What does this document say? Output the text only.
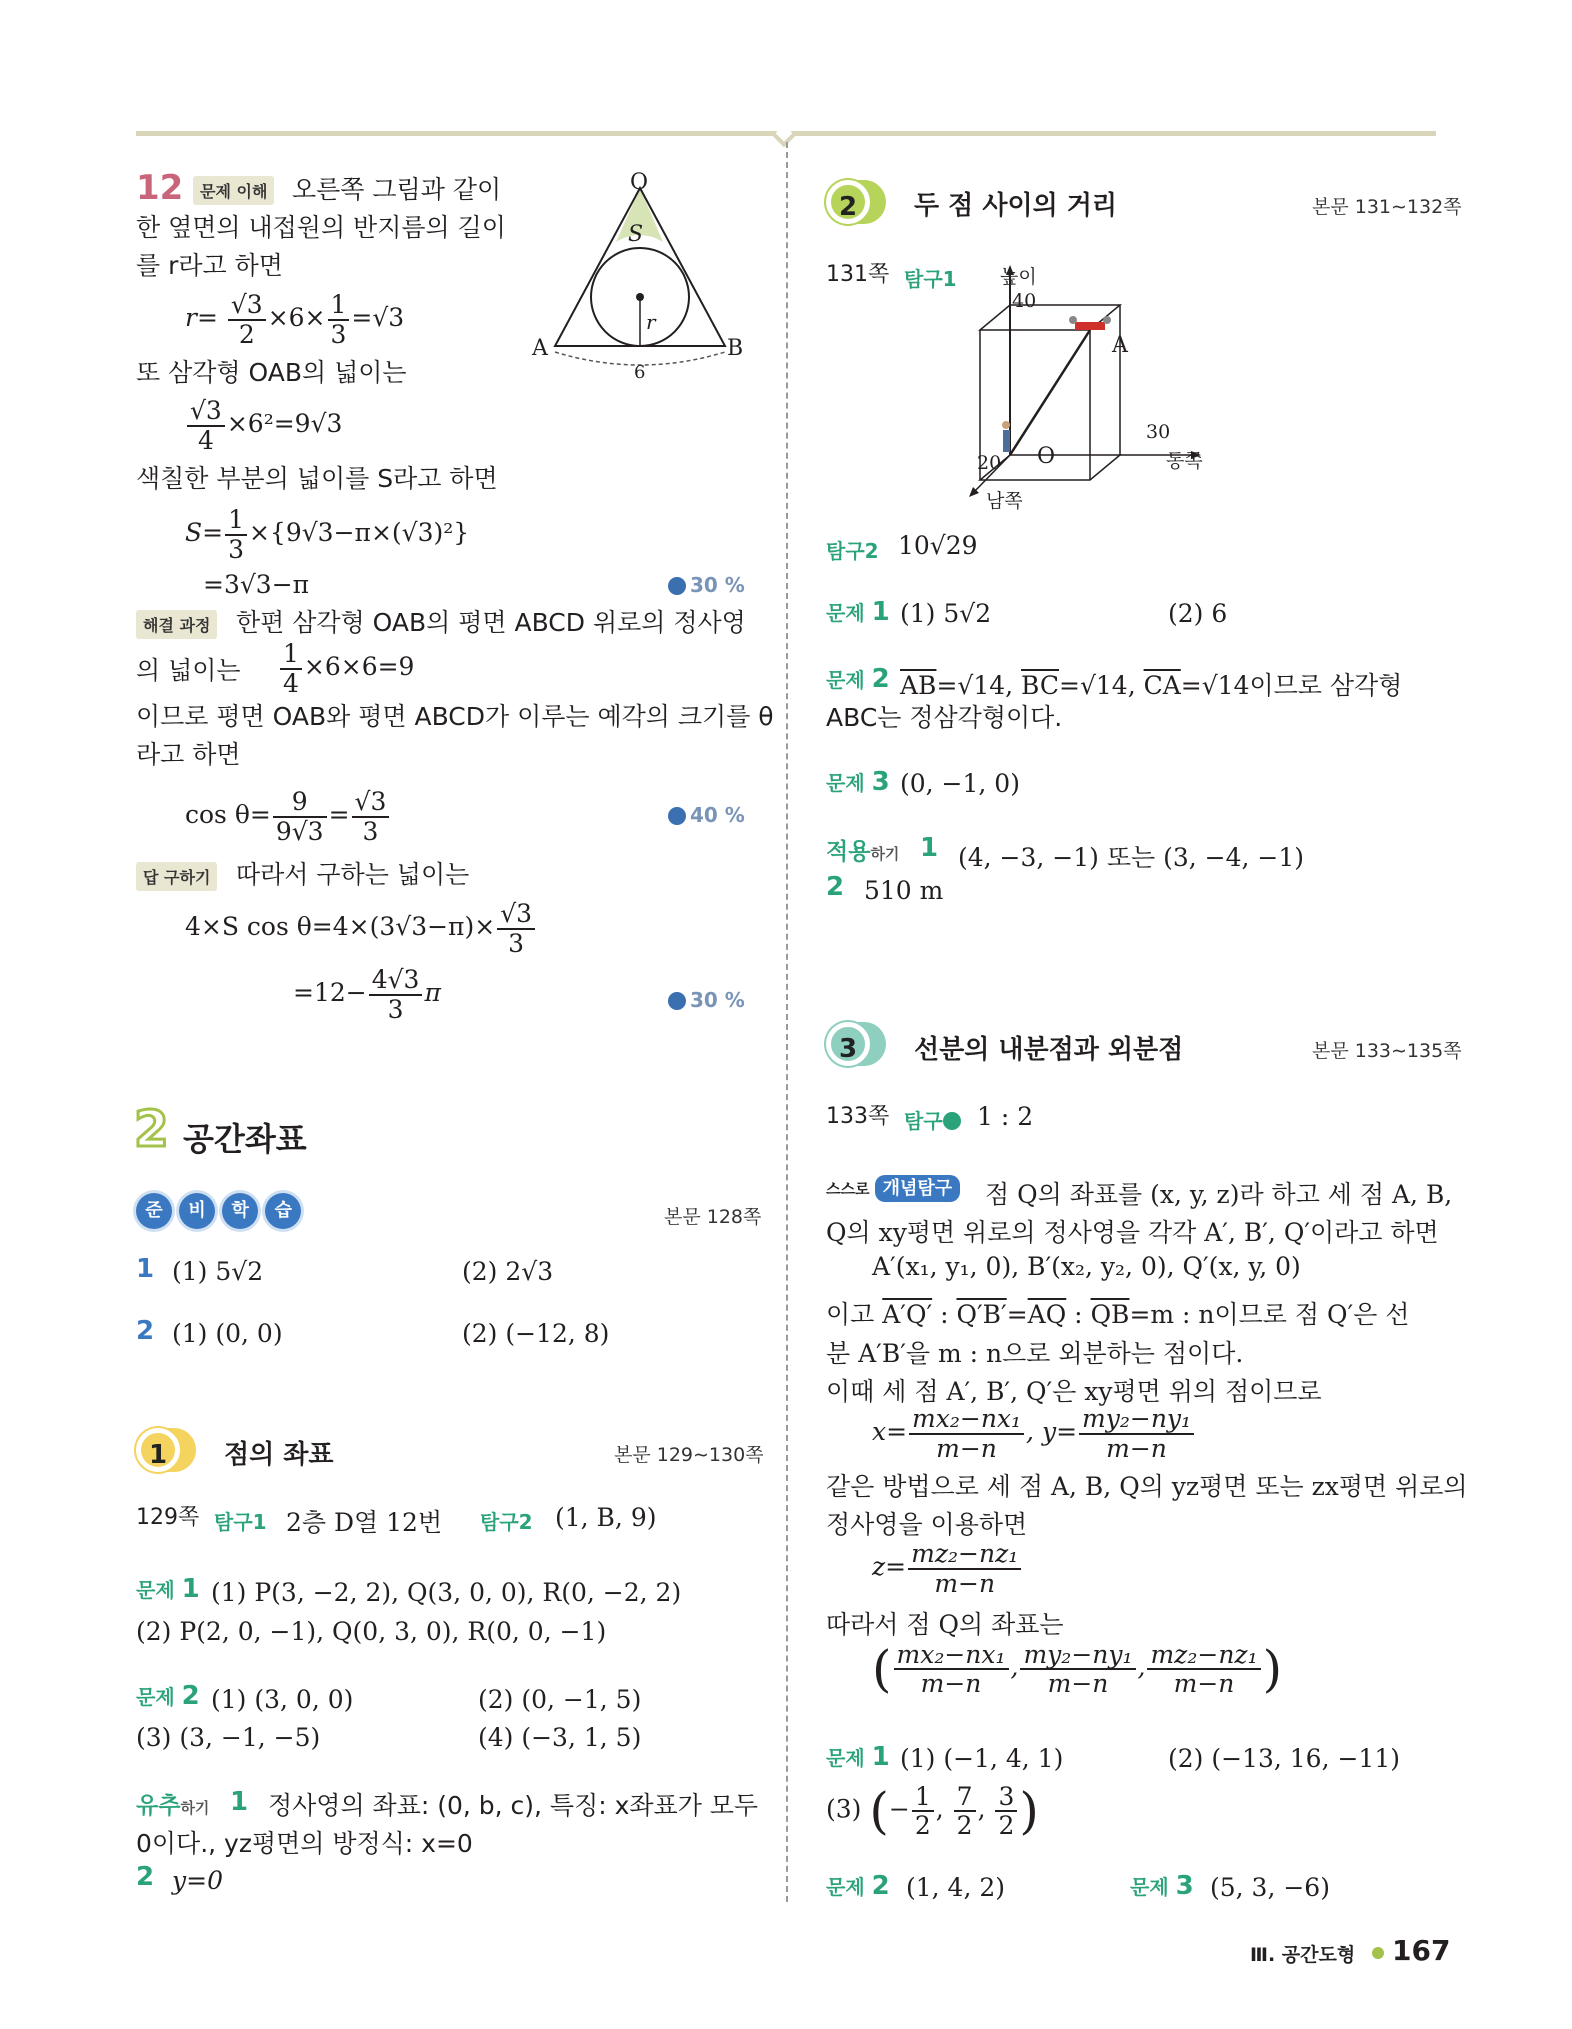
12	문제 이해 오른쪽 그림과 같이
한 옆면의 내접원의 반지름의 길이
를 r라고 하면
O
S
r
A	B
6
$r= \frac{√3}{2} \times 6\times \frac{1}{3} =√3$
또 삼각형 OAB의 넓이는
$\frac{√3}{4} \times 6^2=9√3$
색칠한 부분의 넓이를 S라고 하면
$S= \frac{1}{3} \times\{9√3-\pi\times(√3)^2\}$
=3√3−π	30 %
해결 과정 한편 삼각형 OAB의 평면 ABCD 위로의 정사영
의 넓이는 $\frac{1}{4} \times 6\times 6=9$
이므로 평면 OAB와 평면 ABCD가 이루는 예각의 크기를 θ
라고 하면
$\cos \theta= \frac{9}{9√3} = \frac{√3}{3}$	40 %
답 구하기 따라서 구하는 넓이는
4×S $\cos \theta=4\times(3√3-\pi)\times \frac{√3}{3}$
$=12- \frac{4√3}{3}$ π	30 %
2 공간좌표
준 비 학 습	본문 128쪽
1 (1) 5√2	(2) 2√3
2 (1) (0, 0)	(2) (−12, 8)
1	점의 좌표	본문 129∼130쪽
129쪽 탐구1 2층 D열 12번 탐구2 (1, B, 9)
문제 1 (1) P(3, −2, 2), Q(3, 0, 0), R(0, −2, 2)
(2) P(2, 0, −1), Q(0, 3, 0), R(0, 0, −1)
문제 2 (1) (3, 0, 0)	(2) (0, −1, 5)
(3) (3, −1, −5)	(4) (−3, 1, 5)
유추하기 1 정사영의 좌표: (0, b, c), 특징: x좌표가 모두
0이다., yz평면의 방정식: x=0
2 y=0
2	두 점 사이의 거리	본문 131∼132쪽
131쪽 탐구1 높이
40
A
O
30
동쪽
20
남쪽
탐구2 10√29
문제 1 (1) 5√2	(2) 6
문제 2 $\overline{AB}=√14$, $\overline{BC}=√14$, $\overline{CA}=√14$이므로 삼각형
ABC는 정삼각형이다.
문제 3 (0, −1, 0)
적용하기 1 (4, −3, −1) 또는 (3, −4, −1)
2 510 m
3	선분의 내분점과 외분점	본문 133∼135쪽
133쪽 탐구	1 : 2
스스로 개념탐구	점 Q의 좌표를 (x, y, z)라 하고 세 점 A, B,
Q의 xy평면 위로의 정사영을 각각 A′, B′, Q′이라고 하면
A′(x₁, y₁, 0), B′(x₂, y₂, 0), Q′(x, y, 0)
이고 A′Q′ : $Q'B'=\overline{AQ}$ : $\overline{QB}=m$ : n이므로 점 Q′은 선
분 A′B′을 m : n으로 외분하는 점이다.
이때 세 점 A′, B′, Q′은 xy평면 위의 점이므로
$x= \frac{\text{mx₂−nx₁}}{m-n}$ , $y= \frac{\text{my₂−ny₁}}{m-n}$
같은 방법으로 세 점 A, B, Q의 yz평면 또는 zx평면 위로의
정사영을 이용하면
$z= \frac{\text{mz₂−nz₁}}{m-n}$
따라서 점 Q의 좌표는
( $\frac{\text{mx₂−nx₁}}{m-n}$ , $\frac{\text{my₂−ny₁}}{m-n}$ , $\frac{\text{mz₂−nz₁}}{m-n}$ )
문제 1 (1) (−1, 4, 1)	(2) (−13, 16, −11)
(3) (− $\frac{1}{2}$ , $\frac{7}{2}$ , $\frac{3}{2}$ )
문제 2 (1, 4, 2)	문제 3 (5, 3, −6)
Ⅲ. 공간도형 167
